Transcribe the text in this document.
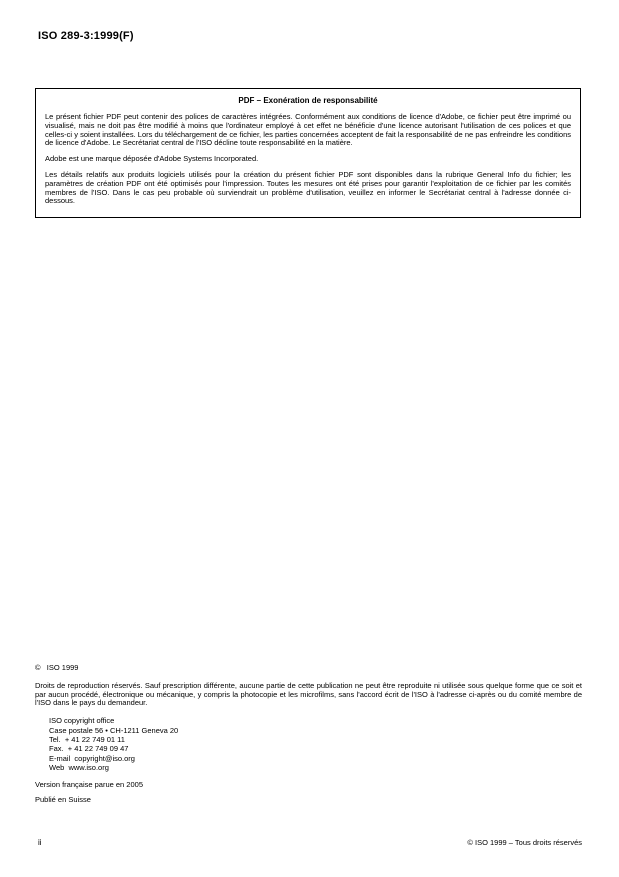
ISO 289-3:1999(F)
PDF – Exonération de responsabilité

Le présent fichier PDF peut contenir des polices de caractères intégrées. Conformément aux conditions de licence d'Adobe, ce fichier peut être imprimé ou visualisé, mais ne doit pas être modifié à moins que l'ordinateur employé à cet effet ne bénéficie d'une licence autorisant l'utilisation de ces polices et que celles-ci y soient installées. Lors du téléchargement de ce fichier, les parties concernées acceptent de fait la responsabilité de ne pas enfreindre les conditions de licence d'Adobe. Le Secrétariat central de l'ISO décline toute responsabilité en la matière.

Adobe est une marque déposée d'Adobe Systems Incorporated.

Les détails relatifs aux produits logiciels utilisés pour la création du présent fichier PDF sont disponibles dans la rubrique General Info du fichier; les paramètres de création PDF ont été optimisés pour l'impression. Toutes les mesures ont été prises pour garantir l'exploitation de ce fichier par les comités membres de l'ISO. Dans le cas peu probable où surviendrait un problème d'utilisation, veuillez en informer le Secrétariat central à l'adresse donnée ci-dessous.

©   ISO 1999

Droits de reproduction réservés. Sauf prescription différente, aucune partie de cette publication ne peut être reproduite ni utilisée sous quelque forme que ce soit et par aucun procédé, électronique ou mécanique, y compris la photocopie et les microfilms, sans l'accord écrit de l'ISO à l'adresse ci-après ou du comité membre de l'ISO dans le pays du demandeur.

ISO copyright office
Case postale 56 • CH-1211 Geneva 20
Tel.  + 41 22 749 01 11
Fax.  + 41 22 749 09 47
E-mail  copyright@iso.org
Web  www.iso.org
Version française parue en 2005
Publié en Suisse
ii	© ISO 1999 – Tous droits réservés
